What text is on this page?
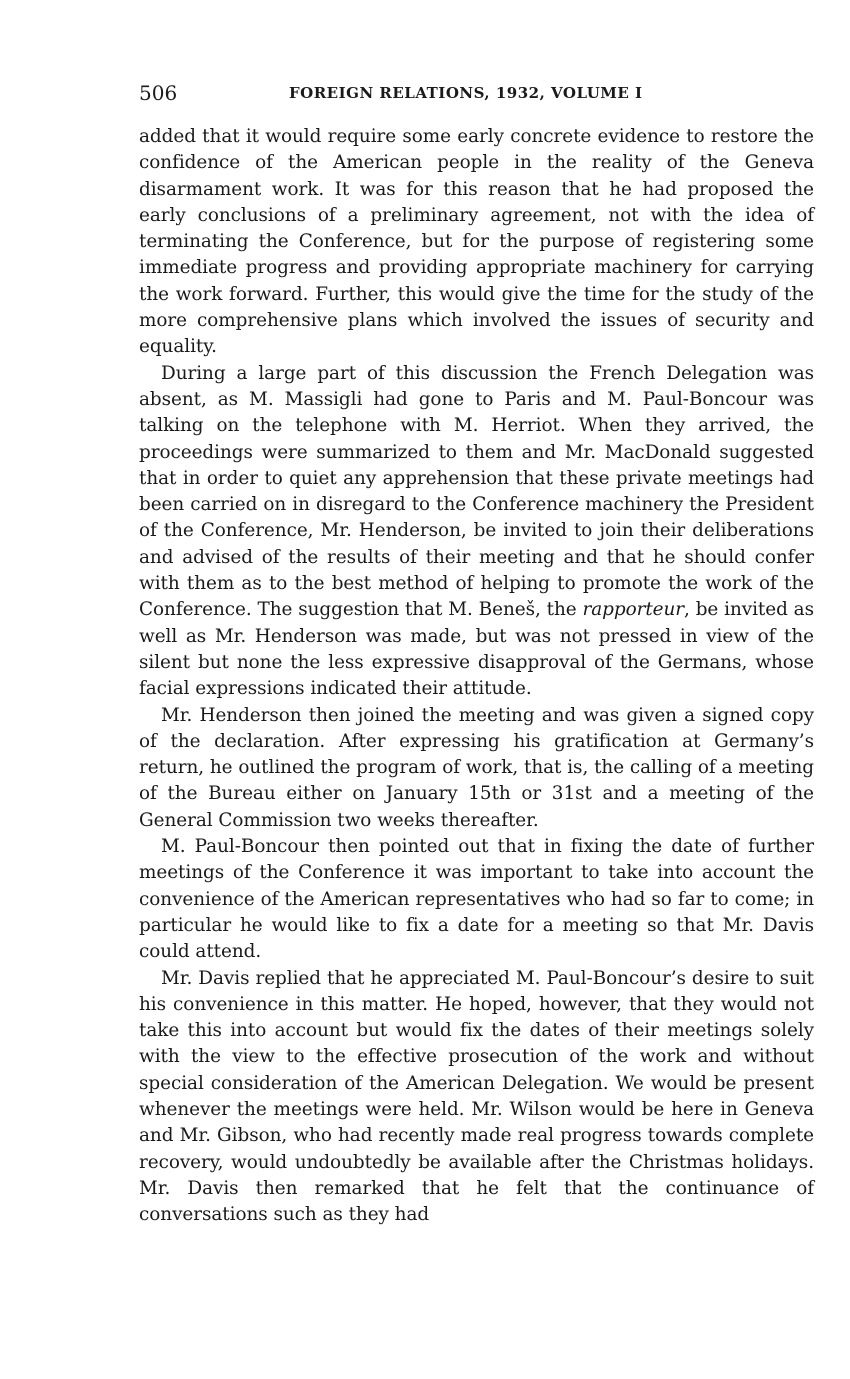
506	FOREIGN RELATIONS, 1932, VOLUME I

added that it would require some early concrete evidence to restore the confidence of the American people in the reality of the Geneva disarmament work. It was for this reason that he had proposed the early conclusions of a preliminary agreement, not with the idea of terminating the Conference, but for the purpose of registering some immediate progress and providing appropriate machinery for carrying the work forward. Further, this would give the time for the study of the more comprehensive plans which involved the issues of security and equality.

During a large part of this discussion the French Delegation was absent, as M. Massigli had gone to Paris and M. Paul-Boncour was talking on the telephone with M. Herriot. When they arrived, the proceedings were summarized to them and Mr. MacDonald suggested that in order to quiet any apprehension that these private meetings had been carried on in disregard to the Conference machinery the President of the Conference, Mr. Henderson, be invited to join their deliberations and advised of the results of their meeting and that he should confer with them as to the best method of helping to promote the work of the Conference. The suggestion that M. Beneš, the rapporteur, be invited as well as Mr. Henderson was made, but was not pressed in view of the silent but none the less expressive disapproval of the Germans, whose facial expressions indicated their attitude.

Mr. Henderson then joined the meeting and was given a signed copy of the declaration. After expressing his gratification at Germany’s return, he outlined the program of work, that is, the calling of a meeting of the Bureau either on January 15th or 31st and a meeting of the General Commission two weeks thereafter.

M. Paul-Boncour then pointed out that in fixing the date of further meetings of the Conference it was important to take into account the convenience of the American representatives who had so far to come; in particular he would like to fix a date for a meeting so that Mr. Davis could attend.

Mr. Davis replied that he appreciated M. Paul-Boncour’s desire to suit his convenience in this matter. He hoped, however, that they would not take this into account but would fix the dates of their meetings solely with the view to the effective prosecution of the work and without special consideration of the American Delegation. We would be present whenever the meetings were held. Mr. Wilson would be here in Geneva and Mr. Gibson, who had recently made real progress towards complete recovery, would undoubtedly be available after the Christmas holidays. Mr. Davis then remarked that he felt that the continuance of conversations such as they had
